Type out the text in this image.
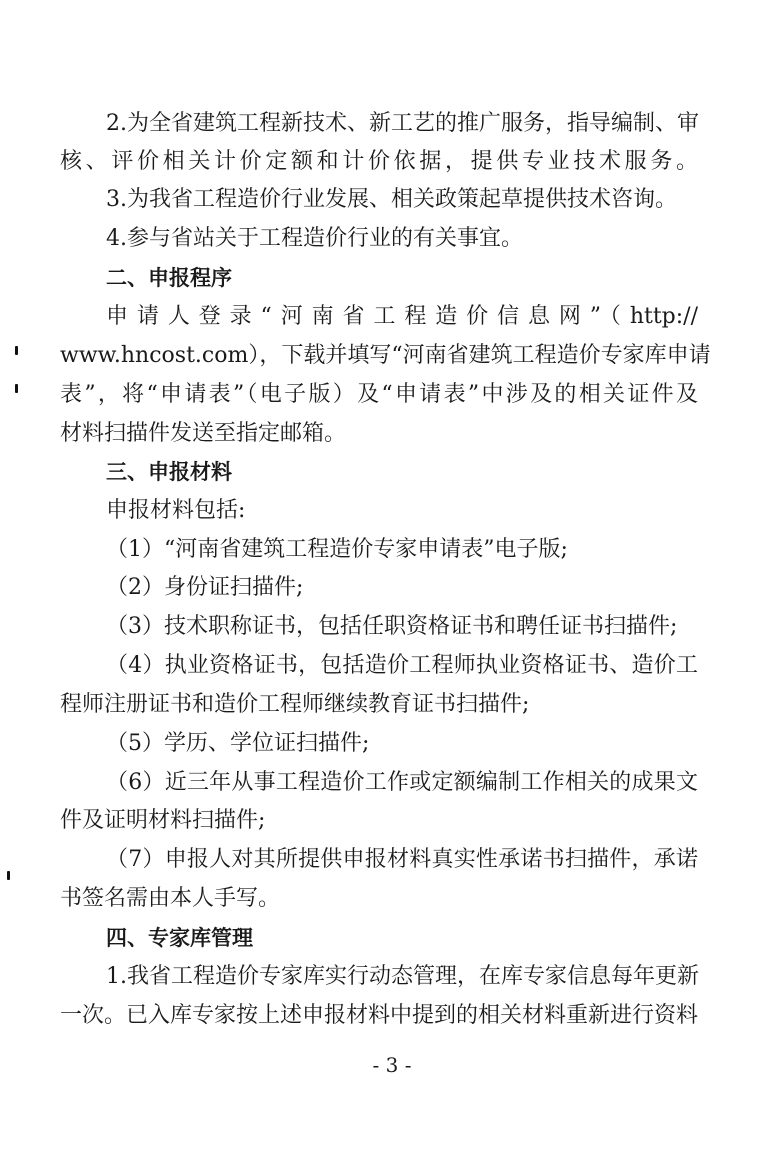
2.为全省建筑工程新技术、新工艺的推广服务，指导编制、审
核、评价相关计价定额和计价依据，提供专业技术服务。
3.为我省工程造价行业发展、相关政策起草提供技术咨询。
4.参与省站关于工程造价行业的有关事宜。
二、申报程序
申请人登录“河南省工程造价信息网”（http://
www.hncost.com），下载并填写“河南省建筑工程造价专家库申请
表”，将“申请表”（电子版）及“申请表”中涉及的相关证件及
材料扫描件发送至指定邮箱。
三、申报材料
申报材料包括:
（1）“河南省建筑工程造价专家申请表”电子版;
（2）身份证扫描件;
（3）技术职称证书，包括任职资格证书和聘任证书扫描件;
（4）执业资格证书，包括造价工程师执业资格证书、造价工
程师注册证书和造价工程师继续教育证书扫描件;
（5）学历、学位证扫描件;
（6）近三年从事工程造价工作或定额编制工作相关的成果文
件及证明材料扫描件;
（7）申报人对其所提供申报材料真实性承诺书扫描件，承诺
书签名需由本人手写。
四、专家库管理
1.我省工程造价专家库实行动态管理，在库专家信息每年更新
一次。已入库专家按上述申报材料中提到的相关材料重新进行资料
- 3 -
